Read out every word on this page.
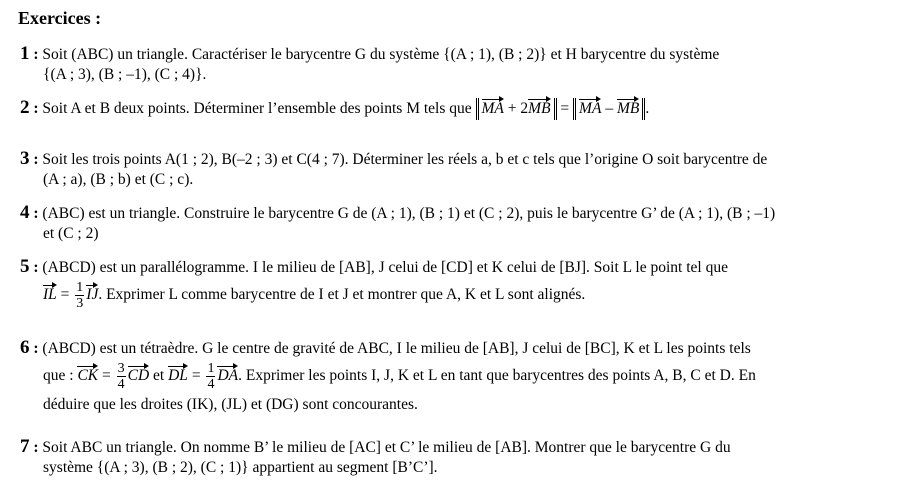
Exercices :
1 : Soit (ABC) un triangle. Caractériser le barycentre G du système {(A ; 1), (B ; 2)} et H barycentre du système
{(A ; 3), (B ; –1), (C ; 4)}.
2 : Soit A et B deux points. Déterminer l’ensemble des points M tels que MA + 2MB = MA – MB .
3 : Soit les trois points A(1 ; 2), B(–2 ; 3) et C(4 ; 7). Déterminer les réels a, b et c tels que l’origine O soit barycentre de
(A ; a), (B ; b) et (C ; c).
4 : (ABC) est un triangle. Construire le barycentre G de (A ; 1), (B ; 1) et (C ; 2), puis le barycentre G’ de (A ; 1), (B ; –1)
et (C ; 2)
5 : (ABCD) est un parallélogramme. I le milieu de [AB], J celui de [CD] et K celui de [BJ]. Soit L le point tel que
IL = $\frac{1}{3}$ IJ. Exprimer L comme barycentre de I et J et montrer que A, K et L sont alignés.
6 : (ABCD) est un tétraèdre. G le centre de gravité de ABC, I le milieu de [AB], J celui de [BC], K et L les points tels
que : CK = $\frac{3}{4}$ CD et DL = $\frac{1}{4}$ DA. Exprimer les points I, J, K et L en tant que barycentres des points A, B, C et D. En
déduire que les droites (IK), (JL) et (DG) sont concourantes.
7 : Soit ABC un triangle. On nomme B’ le milieu de [AC] et C’ le milieu de [AB]. Montrer que le barycentre G du
système {(A ; 3), (B ; 2), (C ; 1)} appartient au segment [B’C’].
